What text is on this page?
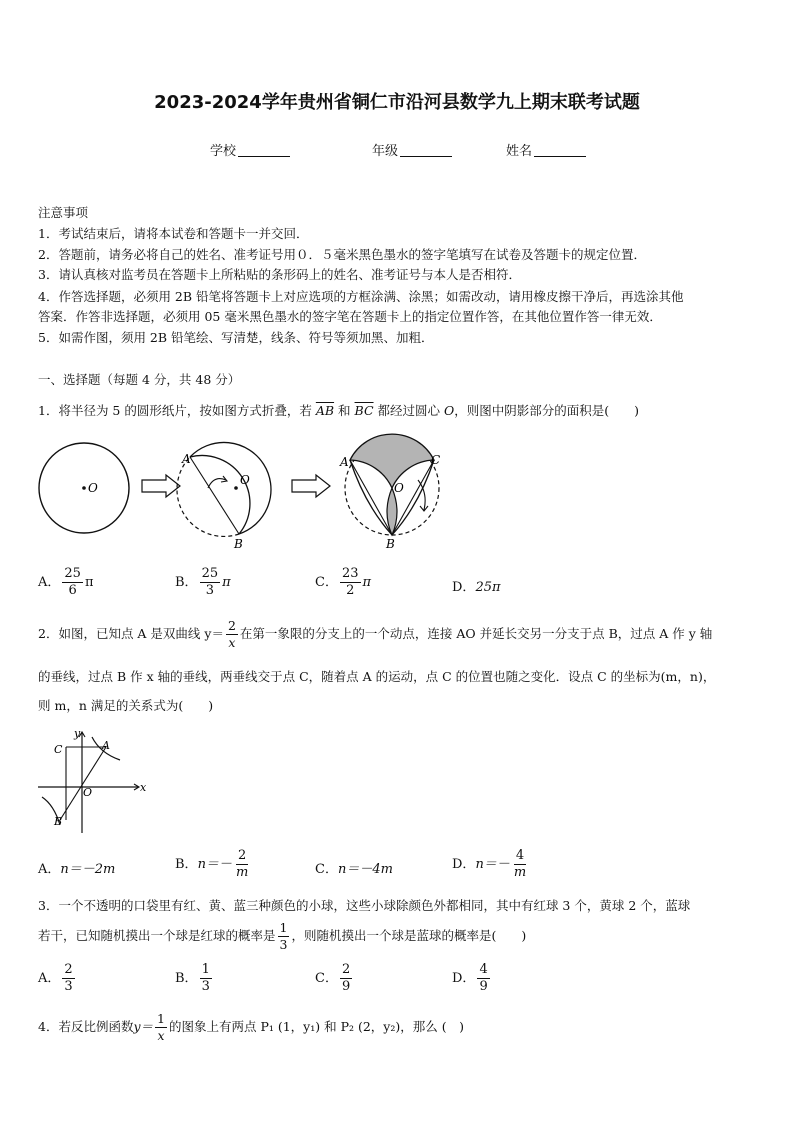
2023-2024学年贵州省铜仁市沿河县数学九上期末联考试题
学校	年级	姓名
注意事项
1．考试结束后，请将本试卷和答题卡一并交回．
2．答题前，请务必将自己的姓名、准考证号用０．５毫米黑色墨水的签字笔填写在试卷及答题卡的规定位置．
3．请认真核对监考员在答题卡上所粘贴的条形码上的姓名、准考证号与本人是否相符．
4．作答选择题，必须用 2B 铅笔将答题卡上对应选项的方框涂满、涂黑；如需改动，请用橡皮擦干净后，再选涂其他
答案．作答非选择题，必须用 05 毫米黑色墨水的签字笔在答题卡上的指定位置作答，在其他位置作答一律无效．
5．如需作图，须用 2B 铅笔绘、写清楚，线条、符号等须加黑、加粗．
一、选择题（每题 4 分，共 48 分）
1．将半径为 5 的圆形纸片，按如图方式折叠，若 $\overline{AB}$ 和 $\overline{BC}$ 都经过圆心 O，则图中阴影部分的面积是(　　)
O
A
O
B
A	C
O
B
A． $\frac{25}{6}$ π	B． $\frac{25}{3}$ π	C． $\frac{23}{2}$ π	D．25π
2．如图，已知点 A 是双曲线 $y= \frac{2}{x}$ 在第一象限的分支上的一个动点，连接 AO 并延长交另一分支于点 B，过点 A 作 y 轴
的垂线，过点 B 作 x 轴的垂线，两垂线交于点 C，随着点 A 的运动，点 C 的位置也随之变化．设点 C 的坐标为(m，n)，
则 m，n 满足的关系式为(　　)
y
x
C	A
O
B
A．n＝－2m	B．$n=- \frac{2}{m}$	C．n＝－4m	D．$n=- \frac{4}{m}$
3．一个不透明的口袋里有红、黄、蓝三种颜色的小球，这些小球除颜色外都相同，其中有红球 3 个，黄球 2 个，蓝球
若干，已知随机摸出一个球是红球的概率是 $\frac{1}{3}$ ，则随机摸出一个球是蓝球的概率是(　　)
A． $\frac{2}{3}$	B． $\frac{1}{3}$	C． $\frac{2}{9}$	D． $\frac{4}{9}$
4．若反比例函数$y= \frac{1}{x}$ 的图象上有两点 P₁ (1，y₁) 和 P₂ (2，y₂)，那么 (　)
